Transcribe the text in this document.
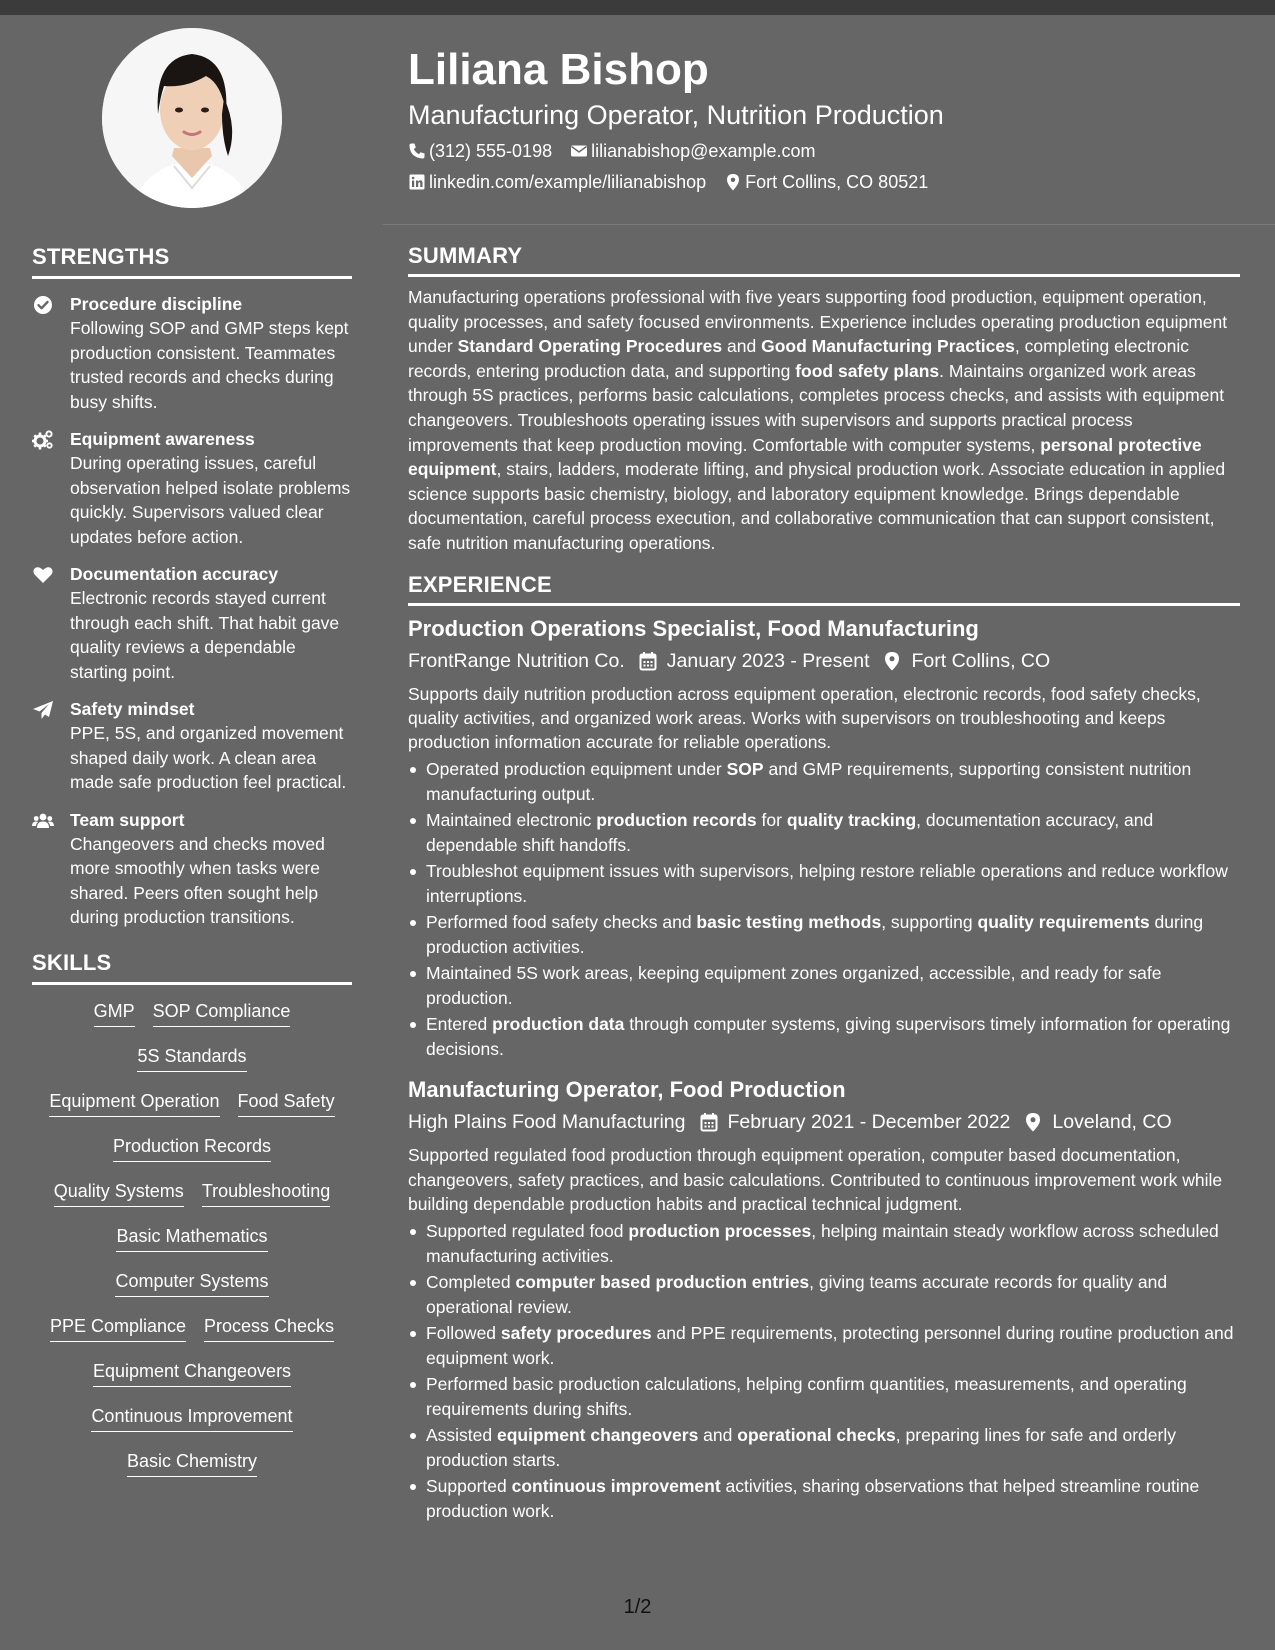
STRENGTHS
Procedure discipline
Following SOP and GMP steps kept production consistent. Teammates trusted records and checks during busy shifts.
Equipment awareness
During operating issues, careful observation helped isolate problems quickly. Supervisors valued clear updates before action.
Documentation accuracy
Electronic records stayed current through each shift. That habit gave quality reviews a dependable starting point.
Safety mindset
PPE, 5S, and organized movement shaped daily work. A clean area made safe production feel practical.
Team support
Changeovers and checks moved more smoothly when tasks were shared. Peers often sought help during production transitions.
SKILLS
GMP SOP Compliance
5S Standards
Equipment Operation Food Safety
Production Records
Quality Systems Troubleshooting
Basic Mathematics
Computer Systems
PPE Compliance Process Checks
Equipment Changeovers
Continuous Improvement
Basic Chemistry
Liliana Bishop
Manufacturing Operator, Nutrition Production
(312) 555-0198 lilianabishop@example.com
linkedin.com/example/lilianabishop Fort Collins, CO 80521
SUMMARY
Manufacturing operations professional with five years supporting food production, equipment operation, quality processes, and safety focused environments. Experience includes operating production equipment under Standard Operating Procedures and Good Manufacturing Practices, completing electronic records, entering production data, and supporting food safety plans. Maintains organized work areas through 5S practices, performs basic calculations, completes process checks, and assists with equipment changeovers. Troubleshoots operating issues with supervisors and supports practical process improvements that keep production moving. Comfortable with computer systems, personal protective equipment, stairs, ladders, moderate lifting, and physical production work. Associate education in applied science supports basic chemistry, biology, and laboratory equipment knowledge. Brings dependable documentation, careful process execution, and collaborative communication that can support consistent, safe nutrition manufacturing operations.
EXPERIENCE
Production Operations Specialist, Food Manufacturing
FrontRange Nutrition Co. January 2023 - Present Fort Collins, CO
Supports daily nutrition production across equipment operation, electronic records, food safety checks, quality activities, and organized work areas. Works with supervisors on troubleshooting and keeps production information accurate for reliable operations.
Operated production equipment under SOP and GMP requirements, supporting consistent nutrition manufacturing output.
Maintained electronic production records for quality tracking, documentation accuracy, and dependable shift handoffs.
Troubleshot equipment issues with supervisors, helping restore reliable operations and reduce workflow interruptions.
Performed food safety checks and basic testing methods, supporting quality requirements during production activities.
Maintained 5S work areas, keeping equipment zones organized, accessible, and ready for safe production.
Entered production data through computer systems, giving supervisors timely information for operating decisions.
Manufacturing Operator, Food Production
High Plains Food Manufacturing February 2021 - December 2022 Loveland, CO
Supported regulated food production through equipment operation, computer based documentation, changeovers, safety practices, and basic calculations. Contributed to continuous improvement work while building dependable production habits and practical technical judgment.
Supported regulated food production processes, helping maintain steady workflow across scheduled manufacturing activities.
Completed computer based production entries, giving teams accurate records for quality and operational review.
Followed safety procedures and PPE requirements, protecting personnel during routine production and equipment work.
Performed basic production calculations, helping confirm quantities, measurements, and operating requirements during shifts.
Assisted equipment changeovers and operational checks, preparing lines for safe and orderly production starts.
Supported continuous improvement activities, sharing observations that helped streamline routine production work.
1/2
